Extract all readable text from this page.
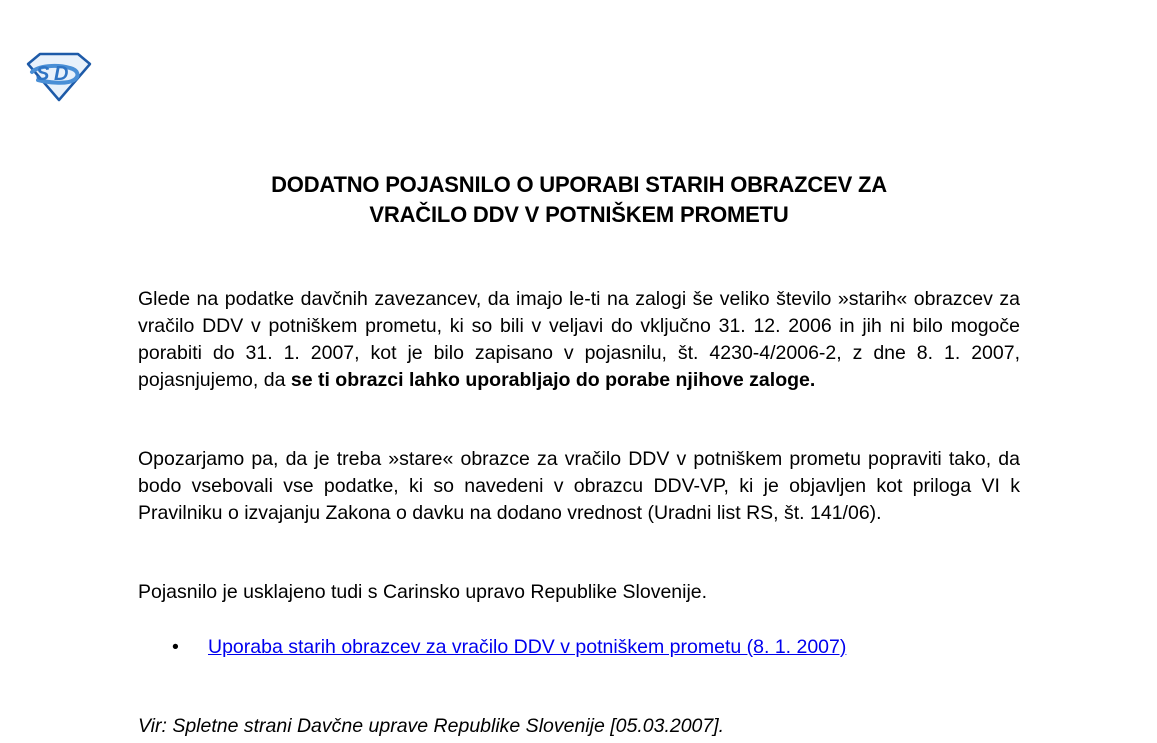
S D
DODATNO POJASNILO O UPORABI STARIH OBRAZCEV ZA
VRAČILO DDV V POTNIŠKEM PROMETU

Glede na podatke davčnih zavezancev, da imajo le-ti na zalogi še veliko število »starih« obrazcev za vračilo DDV v potniškem prometu, ki so bili v veljavi do vključno 31. 12. 2006 in jih ni bilo mogoče porabiti do 31. 1. 2007, kot je bilo zapisano v pojasnilu, št. 4230-4/2006-2, z dne 8. 1. 2007, pojasnjujemo, da se ti obrazci lahko uporabljajo do porabe njihove zaloge.

Opozarjamo pa, da je treba »stare« obrazce za vračilo DDV v potniškem prometu popraviti tako, da bodo vsebovali vse podatke, ki so navedeni v obrazcu DDV-VP, ki je objavljen kot priloga VI k Pravilniku o izvajanju Zakona o davku na dodano vrednost (Uradni list RS, št. 141/06).

Pojasnilo je usklajeno tudi s Carinsko upravo Republike Slovenije.

• Uporaba starih obrazcev za vračilo DDV v potniškem prometu (8. 1. 2007)
Vir: Spletne strani Davčne uprave Republike Slovenije [05.03.2007].
